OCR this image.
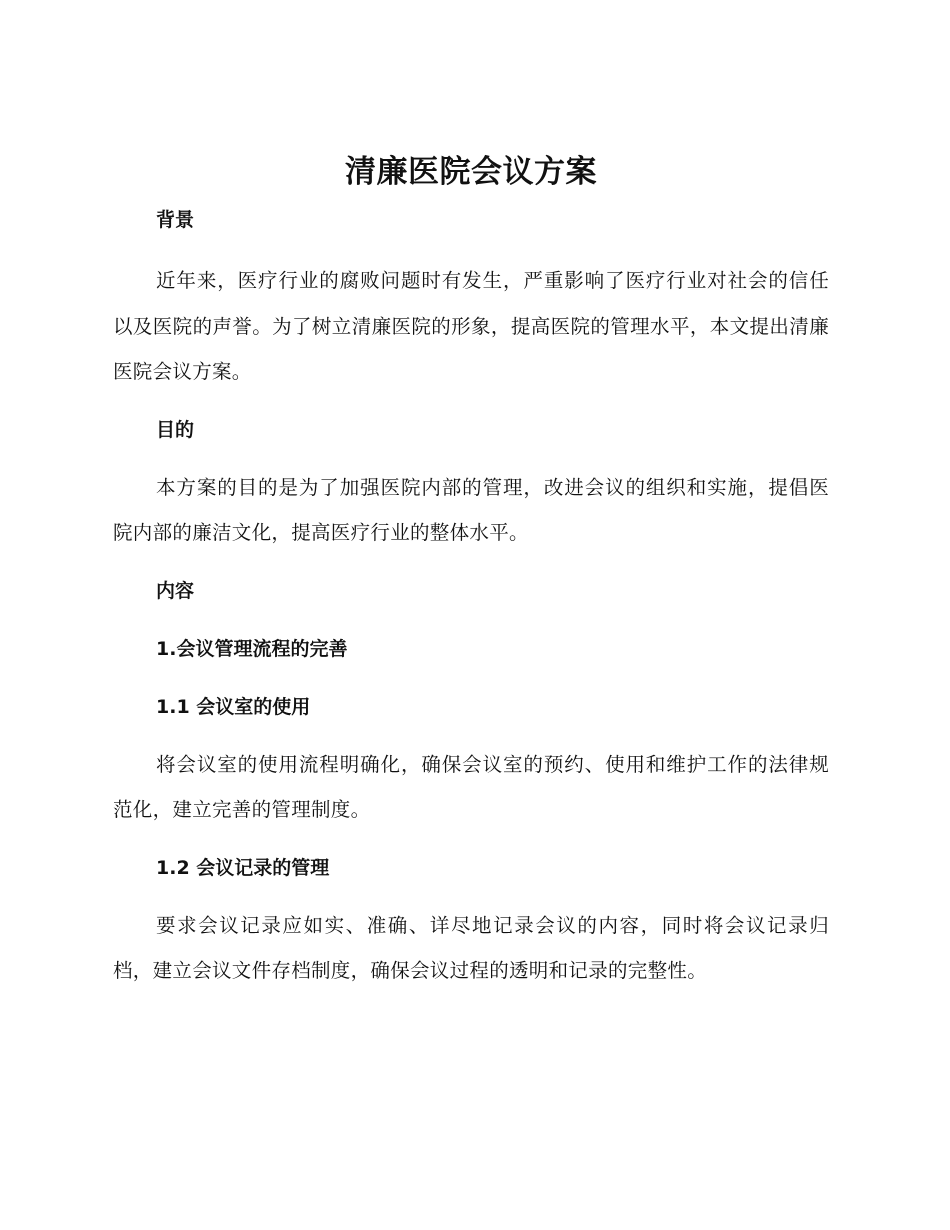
清廉医院会议方案
背景

近年来，医疗行业的腐败问题时有发生，严重影响了医疗行业对社会的信任以及医院的声誉。为了树立清廉医院的形象，提高医院的管理水平，本文提出清廉医院会议方案。

目的

本方案的目的是为了加强医院内部的管理，改进会议的组织和实施，提倡医院内部的廉洁文化，提高医疗行业的整体水平。

内容
1.会议管理流程的完善
1.1 会议室的使用

将会议室的使用流程明确化，确保会议室的预约、使用和维护工作的法律规范化，建立完善的管理制度。

1.2 会议记录的管理

要求会议记录应如实、准确、详尽地记录会议的内容，同时将会议记录归档，建立会议文件存档制度，确保会议过程的透明和记录的完整性。
